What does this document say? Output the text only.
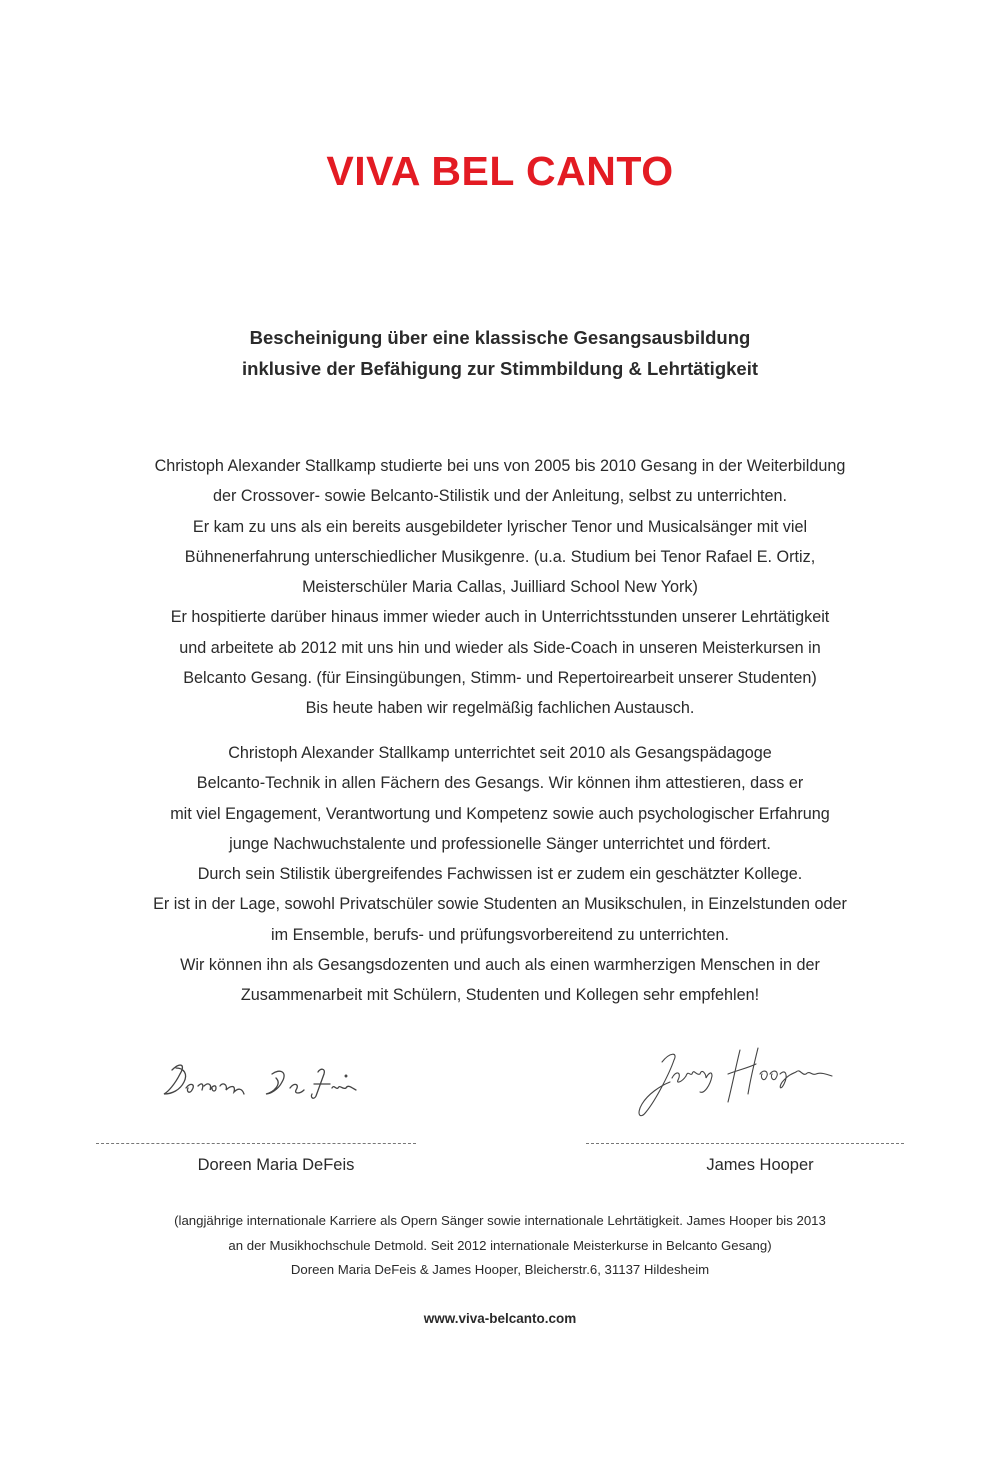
VIVA BEL CANTO
Bescheinigung über eine klassische Gesangsausbildung
inklusive der Befähigung zur Stimmbildung & Lehrtätigkeit
Christoph Alexander Stallkamp studierte bei uns von 2005 bis 2010 Gesang in der Weiterbildung
der Crossover- sowie Belcanto-Stilistik und der Anleitung, selbst zu unterrichten.
Er kam zu uns als ein bereits ausgebildeter lyrischer Tenor und Musicalsänger mit viel
Bühnenerfahrung unterschiedlicher Musikgenre. (u.a. Studium bei Tenor Rafael E. Ortiz,
Meisterschüler Maria Callas, Juilliard School New York)
Er hospitierte darüber hinaus immer wieder auch in Unterrichtsstunden unserer Lehrtätigkeit
und arbeitete ab 2012 mit uns hin und wieder als Side-Coach in unseren Meisterkursen in
Belcanto Gesang. (für Einsingübungen, Stimm- und Repertoirearbeit unserer Studenten)
Bis heute haben wir regelmäßig fachlichen Austausch.
Christoph Alexander Stallkamp unterrichtet seit 2010 als Gesangspädagoge
Belcanto-Technik in allen Fächern des Gesangs. Wir können ihm attestieren, dass er
mit viel Engagement, Verantwortung und Kompetenz sowie auch psychologischer Erfahrung
junge Nachwuchstalente und professionelle Sänger unterrichtet und fördert.
Durch sein Stilistik übergreifendes Fachwissen ist er zudem ein geschätzter Kollege.
Er ist in der Lage, sowohl Privatschüler sowie Studenten an Musikschulen, in Einzelstunden oder
im Ensemble, berufs- und prüfungsvorbereitend zu unterrichten.
Wir können ihn als Gesangsdozenten und auch als einen warmherzigen Menschen in der
Zusammenarbeit mit Schülern, Studenten und Kollegen sehr empfehlen!
Doreen Maria DeFeis	James Hooper
(langjährige internationale Karriere als Opern Sänger sowie internationale Lehrtätigkeit. James Hooper bis 2013
an der Musikhochschule Detmold. Seit 2012 internationale Meisterkurse in Belcanto Gesang)
Doreen Maria DeFeis & James Hooper, Bleicherstr.6, 31137 Hildesheim
www.viva-belcanto.com
